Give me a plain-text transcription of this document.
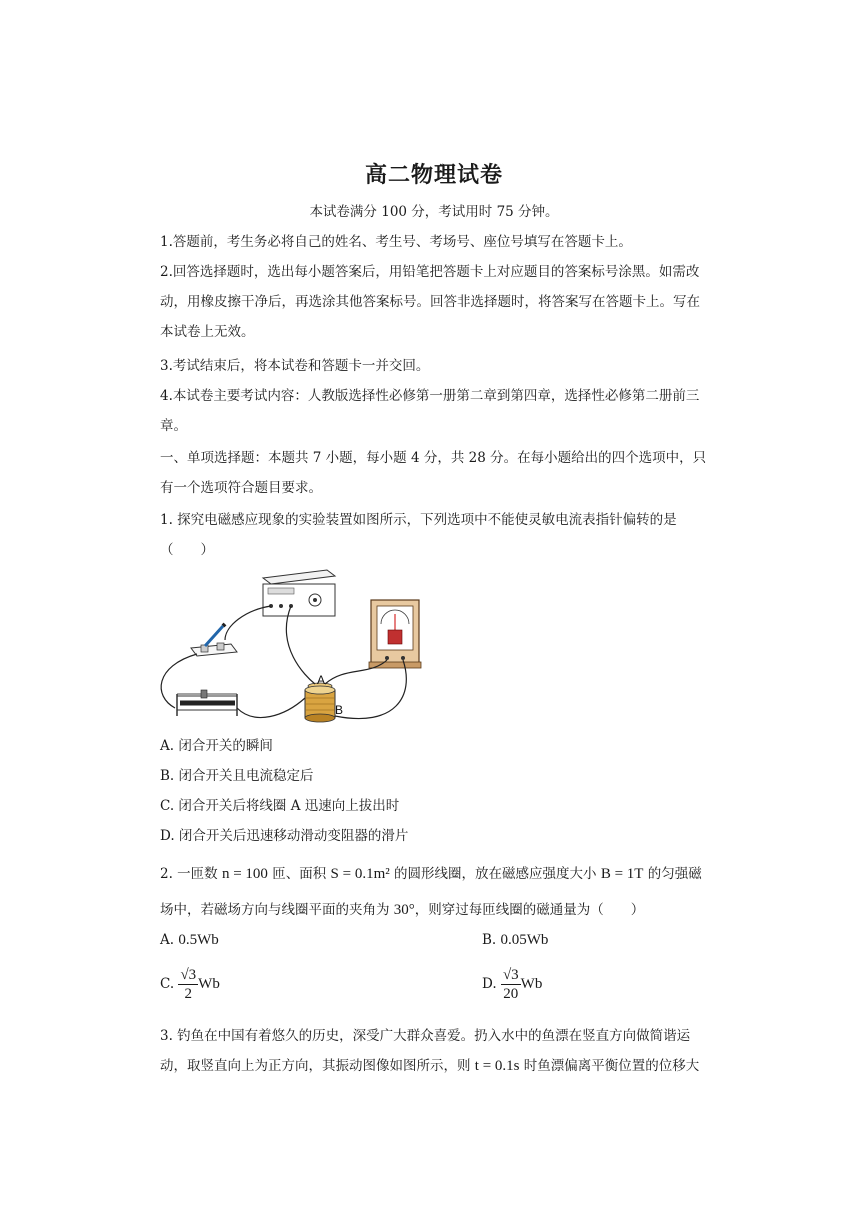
高二物理试卷
本试卷满分 100 分，考试用时 75 分钟。
1.答题前，考生务必将自己的姓名、考生号、考场号、座位号填写在答题卡上。
2.回答选择题时，选出每小题答案后，用铅笔把答题卡上对应题目的答案标号涂黑。如需改
动，用橡皮擦干净后，再选涂其他答案标号。回答非选择题时，将答案写在答题卡上。写在
本试卷上无效。
3.考试结束后，将本试卷和答题卡一并交回。
4.本试卷主要考试内容：人教版选择性必修第一册第二章到第四章，选择性必修第二册前三
章。
一、单项选择题：本题共 7 小题，每小题 4 分，共 28 分。在每小题给出的四个选项中，只
有一个选项符合题目要求。
1. 探究电磁感应现象的实验装置如图所示，下列选项中不能使灵敏电流表指针偏转的是
（　　）
A
B
A. 闭合开关的瞬间
B. 闭合开关且电流稳定后
C. 闭合开关后将线圈 A 迅速向上拔出时
D. 闭合开关后迅速移动滑动变阻器的滑片
2. 一匝数 n = 100 匝、面积 S = 0.1m² 的圆形线圈，放在磁感应强度大小 B = 1T 的匀强磁
场中，若磁场方向与线圈平面的夹角为 30°，则穿过每匝线圈的磁通量为（　　）
A. 0.5Wb	B. 0.05Wb
C. $\frac{√3}{2}$ Wb	D. $\frac{√3}{20}$ Wb
3. 钓鱼在中国有着悠久的历史，深受广大群众喜爱。扔入水中的鱼漂在竖直方向做简谐运
动，取竖直向上为正方向，其振动图像如图所示，则 t = 0.1s 时鱼漂偏离平衡位置的位移大
